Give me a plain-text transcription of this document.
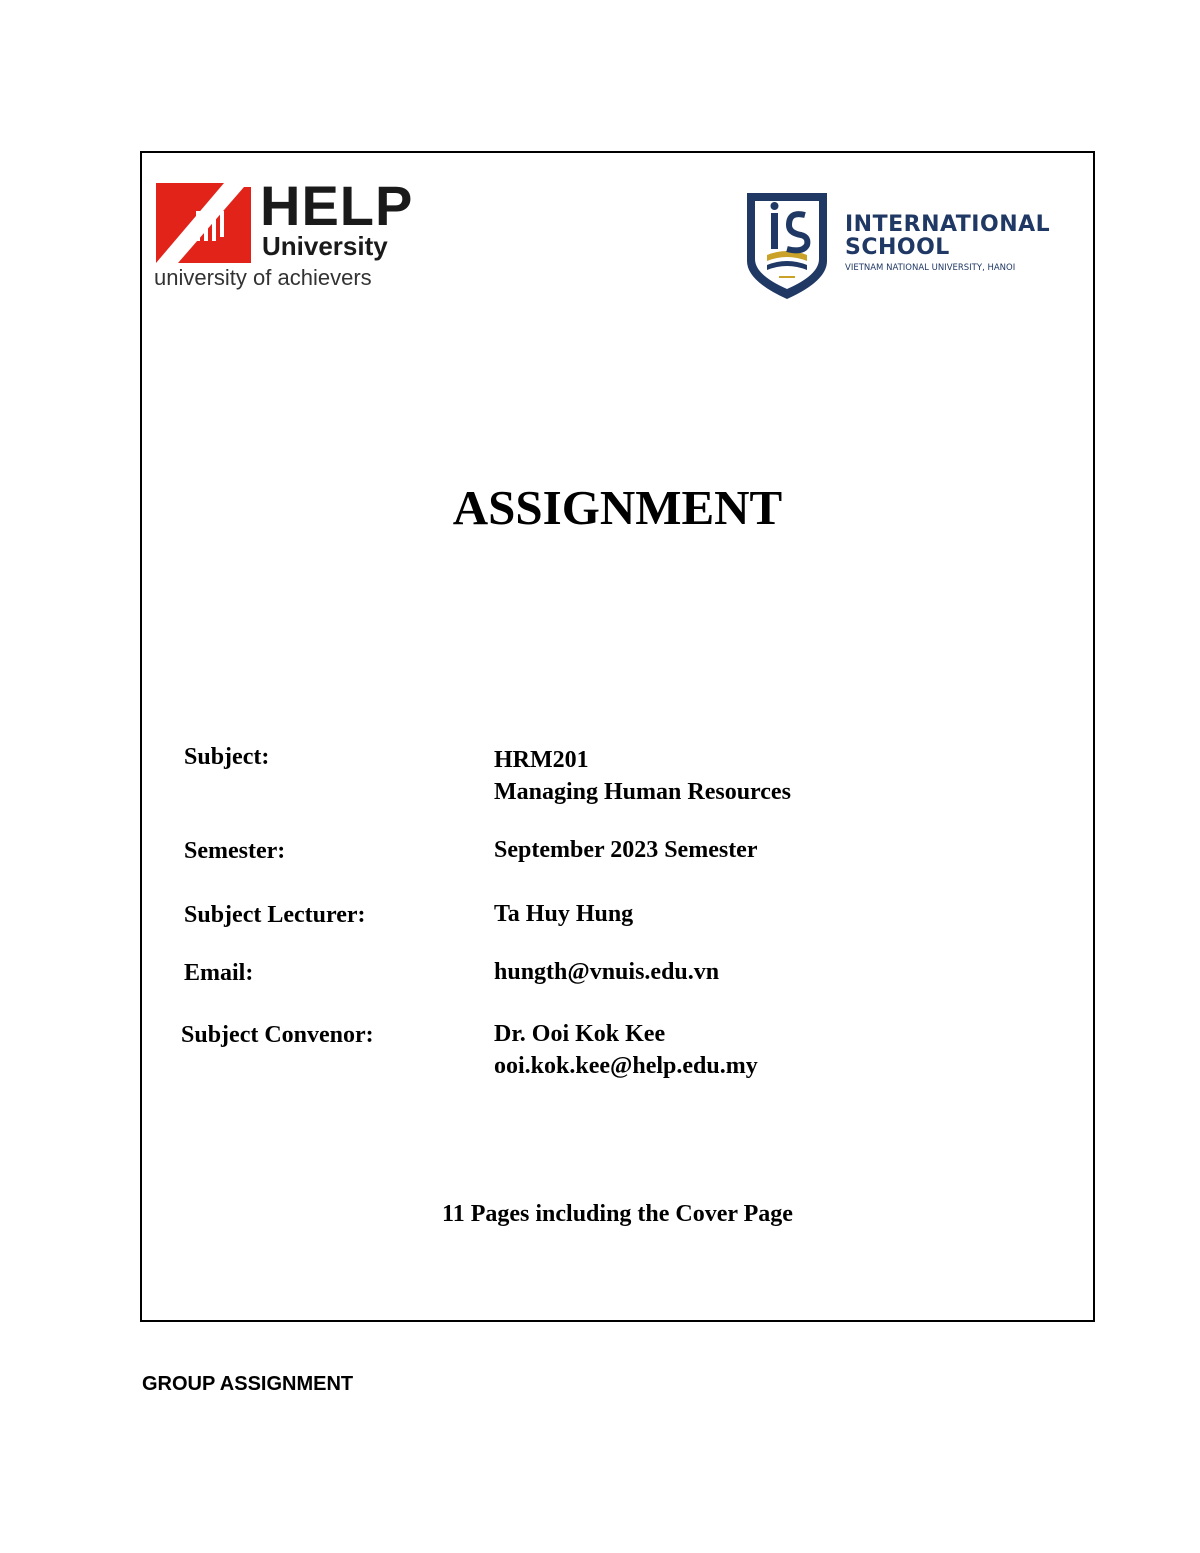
HELP
University
university of achievers
INTERNATIONAL
SCHOOL
VIETNAM NATIONAL UNIVERSITY, HANOI
ASSIGNMENT
Subject:	HRM201
Managing Human Resources
Semester:	September 2023 Semester
Subject Lecturer:	Ta Huy Hung
Email:	hungth@vnuis.edu.vn
Subject Convenor:	Dr. Ooi Kok Kee
ooi.kok.kee@help.edu.my
11 Pages including the Cover Page
GROUP ASSIGNMENT
